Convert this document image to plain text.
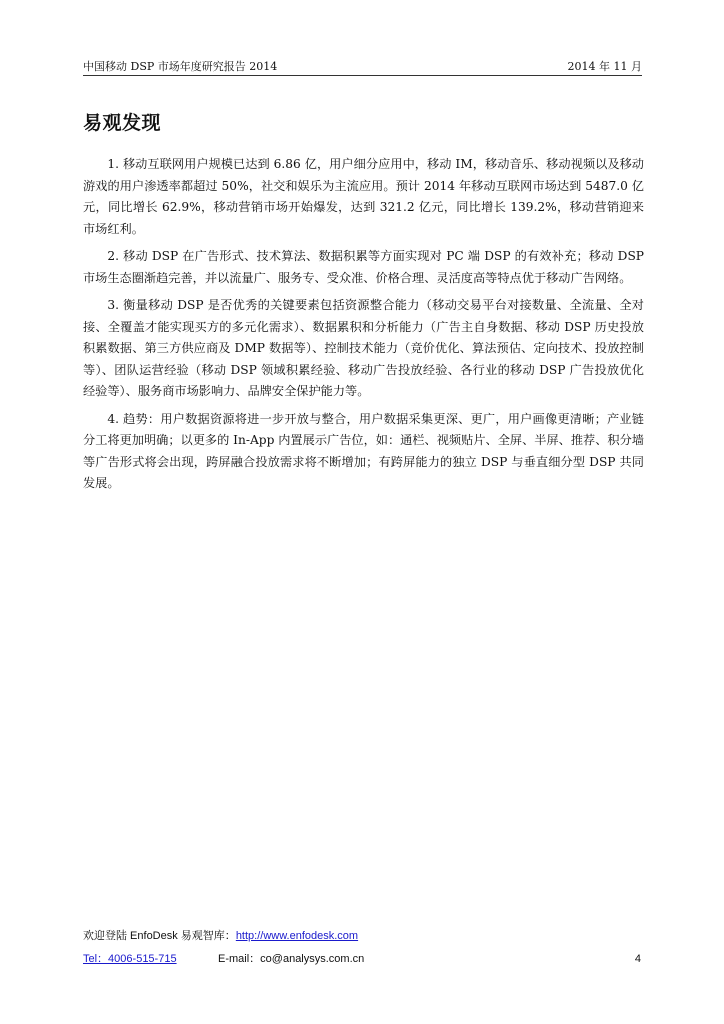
中国移动 DSP 市场年度研究报告 2014	2014 年 11 月
易观发现

1. 移动互联网用户规模已达到 6.86 亿，用户细分应用中，移动 IM，移动音乐、移动视频以及移动游戏的用户渗透率都超过 50%，社交和娱乐为主流应用。预计 2014 年移动互联网市场达到 5487.0 亿元，同比增长 62.9%，移动营销市场开始爆发，达到 321.2 亿元，同比增长 139.2%，移动营销迎来市场红利。

2. 移动 DSP 在广告形式、技术算法、数据积累等方面实现对 PC 端 DSP 的有效补充；移动 DSP 市场生态圈渐趋完善，并以流量广、服务专、受众准、价格合理、灵活度高等特点优于移动广告网络。

3. 衡量移动 DSP 是否优秀的关键要素包括资源整合能力（移动交易平台对接数量、全流量、全对接、全覆盖才能实现买方的多元化需求）、数据累积和分析能力（广告主自身数据、移动 DSP 历史投放积累数据、第三方供应商及 DMP 数据等）、控制技术能力（竞价优化、算法预估、定向技术、投放控制等）、团队运营经验（移动 DSP 领域积累经验、移动广告投放经验、各行业的移动 DSP 广告投放优化经验等）、服务商市场影响力、品牌安全保护能力等。

4. 趋势：用户数据资源将进一步开放与整合，用户数据采集更深、更广，用户画像更清晰；产业链分工将更加明确；以更多的 In-App 内置展示广告位，如：通栏、视频贴片、全屏、半屏、推荐、积分墙等广告形式将会出现，跨屏融合投放需求将不断增加；有跨屏能力的独立 DSP 与垂直细分型 DSP 共同发展。

欢迎登陆 EnfoDesk 易观智库：http://www.enfodesk.com
Tel：4006-515-715	E-mail：co@analysys.com.cn	4
